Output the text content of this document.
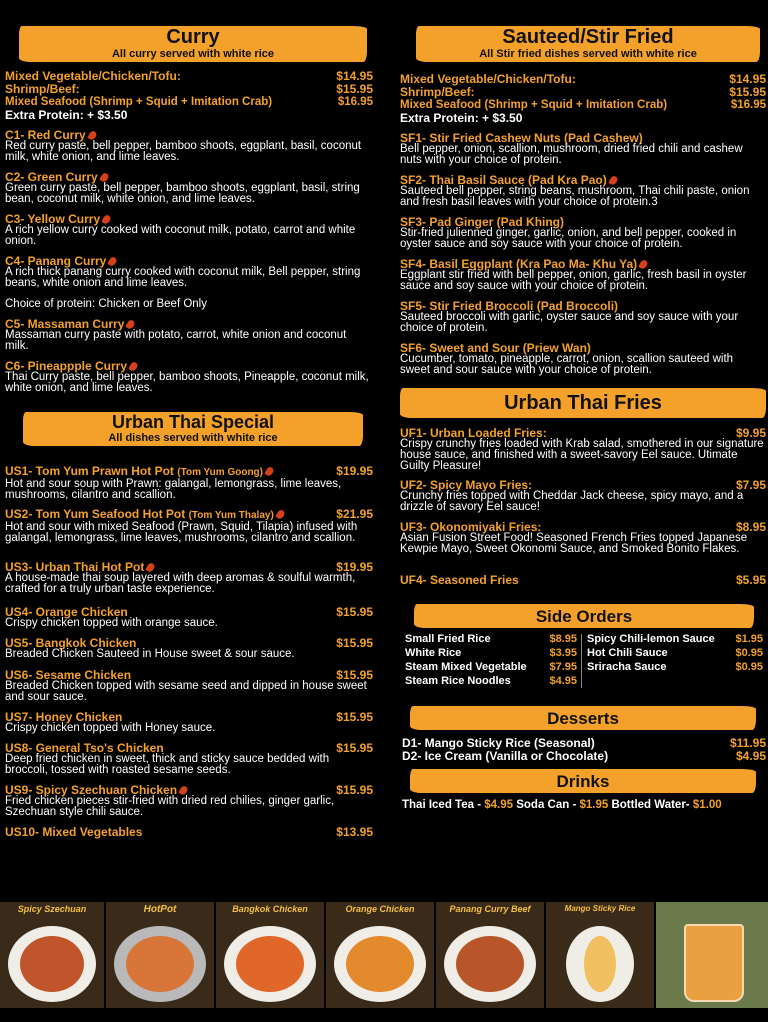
Curry
All curry served with white rice
Mixed Vegetable/Chicken/Tofu:	$14.95
Shrimp/Beef:	$15.95
Mixed Seafood (Shrimp + Squid + Imitation Crab)	$16.95
Extra Protein: + $3.50
C1- Red Curry
Red curry paste, bell pepper, bamboo shoots, eggplant, basil, coconut milk, white onion, and lime leaves.
C2- Green Curry
Green curry paste, bell pepper, bamboo shoots, eggplant, basil, string bean, coconut milk, white onion, and lime leaves.
C3- Yellow Curry
A rich yellow curry cooked with coconut milk, potato, carrot and white onion.
C4- Panang Curry
A rich thick panang curry cooked with coconut milk, Bell pepper, string beans, white onion and lime leaves.
Choice of protein: Chicken or Beef Only
C5- Massaman Curry
Massaman curry paste with potato, carrot, white onion and coconut milk.
C6- Pineappple Curry
Thai Curry paste, bell pepper, bamboo shoots, Pineapple, coconut milk, white onion, and lime leaves.
Urban Thai Special
All dishes served with white rice
US1- Tom Yum Prawn Hot Pot (Tom Yum Goong)	$19.95
Hot and sour soup with Prawn: galangal, lemongrass, lime leaves, mushrooms, cilantro and scallion.
US2- Tom Yum Seafood Hot Pot (Tom Yum Thalay)	$21.95
Hot and sour with mixed Seafood (Prawn, Squid, Tilapia) infused with galangal, lemongrass, lime leaves, mushrooms, cilantro and scallion.
US3- Urban Thai Hot Pot	$19.95
A house-made thai soup layered with deep aromas & soulful warmth, crafted for a truly urban taste experience.
US4- Orange Chicken	$15.95
Crispy chicken topped with orange sauce.
US5- Bangkok Chicken	$15.95
Breaded Chicken Sauteed in House sweet & sour sauce.
US6- Sesame Chicken	$15.95
Breaded Chicken topped with sesame seed and dipped in house sweet and sour sauce.
US7- Honey Chicken	$15.95
Crispy chicken topped with Honey sauce.
US8- General Tso's Chicken	$15.95
Deep fried chicken in sweet, thick and sticky sauce bedded with broccoli, tossed with roasted sesame seeds.
US9- Spicy Szechuan Chicken	$15.95
Fried chicken pieces stir-fried with dried red chilies, ginger garlic, Szechuan style chili sauce.
US10- Mixed Vegetables	$13.95
Sauteed/Stir Fried
All Stir fried dishes served with white rice
Mixed Vegetable/Chicken/Tofu:	$14.95
Shrimp/Beef:	$15.95
Mixed Seafood (Shrimp + Squid + Imitation Crab)	$16.95
Extra Protein: + $3.50
SF1- Stir Fried Cashew Nuts (Pad Cashew)
Bell pepper, onion, scallion, mushroom, dried fried chili and cashew nuts with your choice of protein.
SF2- Thai Basil Sauce (Pad Kra Pao)
Sauteed bell pepper, string beans, mushroom, Thai chili paste, onion and fresh basil leaves with your choice of protein.3
SF3- Pad Ginger (Pad Khing)
Stir-fried julienned ginger, garlic, onion, and bell pepper, cooked in oyster sauce and soy sauce with your choice of protein.
SF4- Basil Eggplant (Kra Pao Ma- Khu Ya)
Eggplant stir fried with bell pepper, onion, garlic, fresh basil in oyster sauce and soy sauce with your choice of protein.
SF5- Stir Fried Broccoli (Pad Broccoli)
Sauteed broccoli with garlic, oyster sauce and soy sauce with your choice of protein.
SF6- Sweet and Sour (Priew Wan)
Cucumber, tomato, pineapple, carrot, onion, scallion sauteed with sweet and sour sauce with your choice of protein.
Urban Thai Fries
UF1- Urban Loaded Fries:	$9.95
Crispy crunchy fries loaded with Krab salad, smothered in our signature house sauce, and finished with a sweet-savory Eel sauce. Utimate Guilty Pleasure!
UF2- Spicy Mayo Fries:	$7.95
Crunchy fries topped with Cheddar Jack cheese, spicy mayo, and a drizzle of savory Eel sauce!
UF3- Okonomiyaki Fries:	$8.95
Asian Fusion Street Food! Seasoned French Fries topped Japanese Kewpie Mayo, Sweet Okonomi Sauce, and Smoked Bonito Flakes.
UF4- Seasoned Fries	$5.95
Side Orders
Small Fried Rice	$8.95
White Rice	$3.95
Steam Mixed Vegetable $7.95
Steam Rice Noodles	$4.95
Spicy Chili-lemon Sauce $1.95
Hot Chili Sauce	$0.95
Sriracha Sauce	$0.95
Desserts
D1- Mango Sticky Rice (Seasonal)	$11.95
D2- Ice Cream (Vanilla or Chocolate)	$4.95
Drinks
Thai Iced Tea - $4.95 Soda Can - $1.95 Bottled Water- $1.00
Spicy Szechuan	HotPot	Bangkok Chicken	Orange Chicken	Panang Curry Beef	Mango Sticky Rice
